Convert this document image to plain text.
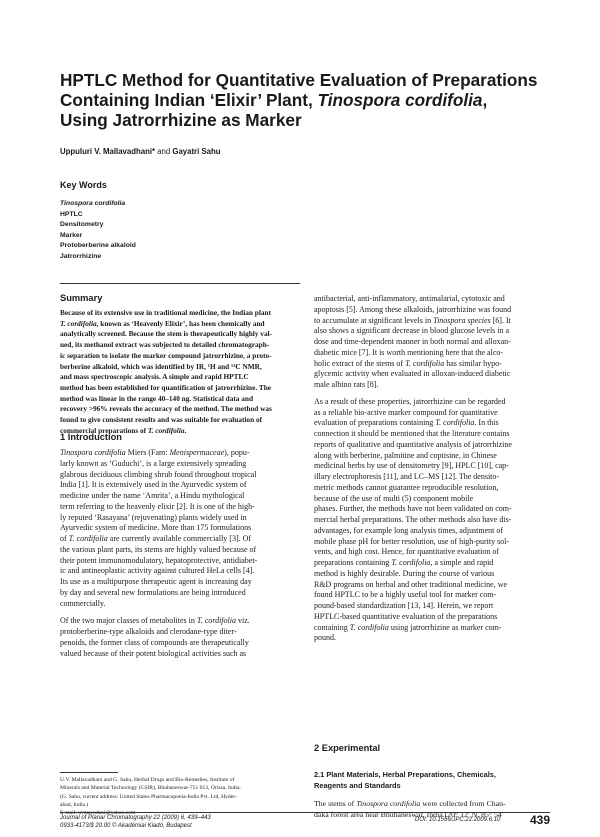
HPTLC Method for Quantitative Evaluation of Preparations
Containing Indian ‘Elixir’ Plant, Tinospora cordifolia,
Using Jatrorrhizine as Marker
Uppuluri V. Mallavadhani* and Gayatri Sahu
Key Words
Tinospora cordifolia
HPTLC
Densitometry
Marker
Protoberberine alkaloid
Jatrorrhizine
Summary
Because of its extensive use in traditional medicine, the Indian plant
T. cordifolia, known as ‘Heavenly Elixir’, has been chemically and
analytically screened. Because the stem is therapeutically highly val-
ued, its methanol extract was subjected to detailed chromatograph-
ic separation to isolate the marker compound jatrorrhizine, a proto-
berberine alkaloid, which was identified by IR, ¹H and ¹³C NMR,
and mass spectroscopic analysis. A simple and rapid HPTLC
method has been established for quantification of jatrorrhizine. The
method was linear in the range 40–140 ng. Statistical data and
recovery >96% reveals the accuracy of the method. The method was
found to give consistent results and was suitable for evaluation of
commercial preparations of T. cordifolia.
1 Introduction
Tinospora cordifolia Miers (Fam: Menispermaceae), popu-
larly known as ‘Guduchi’, is a large extensively spreading
glabrous deciduous climbing shrub found throughout tropical
India [1]. It is extensively used in the Ayurvedic system of
medicine under the name ‘Amrita’, a Hindu mythological
term referring to the heavenly elixir [2]. It is one of the high-
ly reputed ‘Rasayana’ (rejuvenating) plants widely used in
Ayurvedic system of medicine. More than 175 formulations
of T. cordifolia are currently available commercially [3]. Of
the various plant parts, its stems are highly valued because of
their potent immunomodulatory, hepatoprotective, antidiabet-
ic and antineoplastic activity against cultured HeLa cells [4].
Its use as a multipurpose therapeutic agent is increasing day
by day and several new formulations are being introduced
commercially.
Of the two major classes of metabolites in T. cordifolia viz.
protoberberine-type alkaloids and clerodane-type diter-
penoids, the former class of compounds are therapeutically
valued because of their potent biological activities such as
antibacterial, anti-inflammatory, antimalarial, cytotoxic and
apoptosis [5]. Among these alkaloids, jatrorrhizine was found
to accumulate at significant levels in Tinospora species [6]. It
also shows a significant decrease in blood glucose levels in a
dose and time-dependent manner in both normal and alloxan-
diabetic mice [7]. It is worth mentioning here that the alco-
holic extract of the stems of T. cordifolia has similar hypo-
glycemic activity when evaluated in alloxan-induced diabetic
male albino rats [8].
As a result of these properties, jatrorrhizine can be regarded
as a reliable bio-active marker compound for quantitative
evaluation of preparations containing T. cordifolia. In this
connection it should be mentioned that the literature contains
reports of qualitative and quantitative analysis of jatrorrhizine
along with berberine, palmitine and coptisine, in Chinese
medicinal herbs by use of densitometry [9], HPLC [10], cap-
illary electrophoresis [11], and LC–MS [12]. The densito-
metric methods cannot guarantee reproducible resolution,
because of the use of multi (5) component mobile
phases. Further, the methods have not been validated on com-
mercial herbal preparations. The other methods also have dis-
advantages, for example long analysis times, adjustment of
mobile phase pH for better resolution, use of high-purity sol-
vents, and high cost. Hence, for quantitative evaluation of
preparations containing T. cordifolia, a simple and rapid
method is highly desirable. During the course of various
R&D programs on herbal and other traditional medicine, we
found HPTLC to be a highly useful tool for marker com-
pound-based standardization [13, 14]. Herein, we report
HPTLC-based quantitative evaluation of the preparations
containing T. cordifolia using jatrorrhizine as marker com-
pound.
2 Experimental
2.1 Plant Materials, Herbal Preparations, Chemicals,
Reagents and Standards
The stems of Tinospora cordifolia were collected from Chan-
daka forest area near Bhubaneswar, India (20° 12′ N, 85° 54′
U.V. Mallavadhani and G. Sahu, Herbal Drugs and Bio-Remedies, Institute of
Minerals and Material Technology (CSIR), Bhubaneswar-751 013, Orissa, India.
(G. Sahu, current address: United States Pharmacopoeia-India Pvt. Ltd, Hyder-
abad, India.)
E-mail: uvmavadani@yahoo.com
Journal of Planar Chromatography 22 (2009) 6, 439–443
0933-4173/$ 20.00 © Akadémiai Kiadó, Budapest
DOI: 10.1556/JPC.22.2009.6.10 439
